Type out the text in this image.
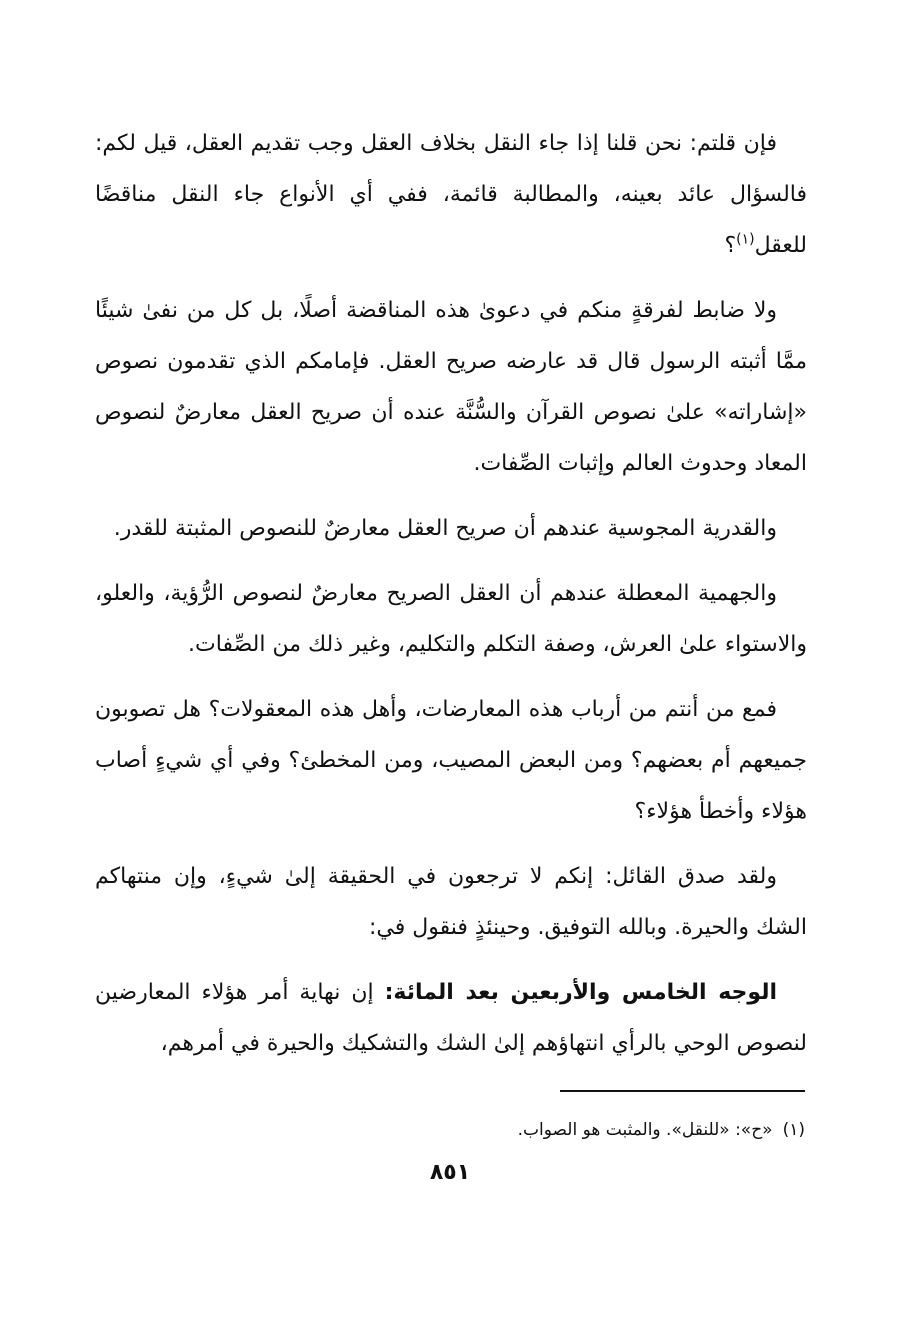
فإن قلتم: نحن قلنا إذا جاء النقل بخلاف العقل وجب تقديم العقل، قيل لكم: فالسؤال عائد بعينه، والمطالبة قائمة، ففي أي الأنواع جاء النقل مناقضًا للعقل$^{(١)}$؟

ولا ضابط لفرقةٍ منكم في دعوىٰ هذه المناقضة أصلًا، بل كل من نفىٰ شيئًا ممَّا أثبته الرسول قال قد عارضه صريح العقل. فإمامكم الذي تقدمون نصوص «إشاراته» علىٰ نصوص القرآن والسُّنَّة عنده أن صريح العقل معارضٌ لنصوص المعاد وحدوث العالم وإثبات الصِّفات.

والقدرية المجوسية عندهم أن صريح العقل معارضٌ للنصوص المثبتة للقدر.

والجهمية المعطلة عندهم أن العقل الصريح معارضٌ لنصوص الرُّؤية، والعلو، والاستواء علىٰ العرش، وصفة التكلم والتكليم، وغير ذلك من الصِّفات.

فمع من أنتم من أرباب هذه المعارضات، وأهل هذه المعقولات؟ هل تصوبون جميعهم أم بعضهم؟ ومن البعض المصيب، ومن المخطئ؟ وفي أي شيءٍ أصاب هؤلاء وأخطأ هؤلاء؟

ولقد صدق القائل: إنكم لا ترجعون في الحقيقة إلىٰ شيءٍ، وإن منتهاكم الشك والحيرة. وبالله التوفيق. وحينئذٍ فنقول في:

الوجه الخامس والأربعين بعد المائة: إن نهاية أمر هؤلاء المعارضين لنصوص الوحي بالرأي انتهاؤهم إلىٰ الشك والتشكيك والحيرة في أمرهم،

(١)«ح»: «للنقل». والمثبت هو الصواب.
٨٥١
